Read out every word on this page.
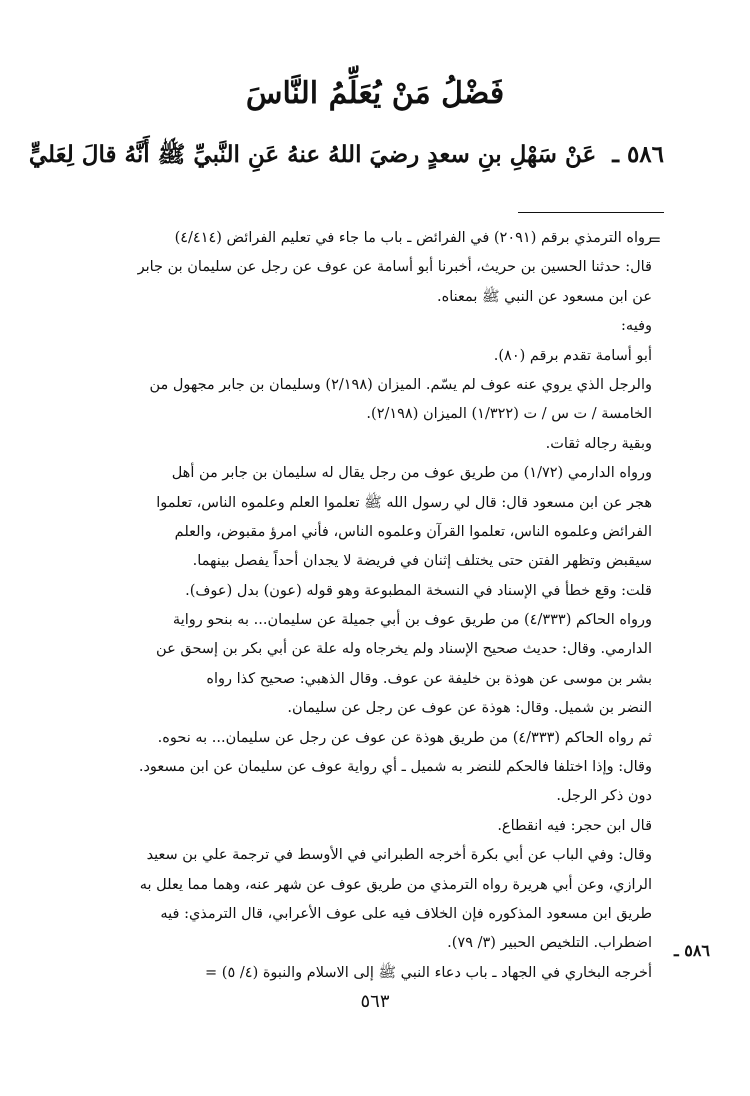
فَضْلُ مَنْ يُعَلِّمُ النَّاسَ
٥٨٦ ـ عَنْ سَهْلِ بنِ سعدٍ رضيَ اللهُ عنهُ عَنِ النَّبيِّ ﷺ أَنَّهُ قالَ لِعَليٍّ
=
رواه الترمذي برقم (٢٠٩١) في الفرائض ـ باب ما جاء في تعليم الفرائض (٤/٤١٤)
قال: حدثنا الحسين بن حريث، أخبرنا أبو أسامة عن عوف عن رجل عن سليمان بن جابر
عن ابن مسعود عن النبي ﷺ بمعناه.
وفيه:
أبو أسامة تقدم برقم (٨٠).
والرجل الذي يروي عنه عوف لم يسّم. الميزان (٢/١٩٨) وسليمان بن جابر مجهول من
الخامسة / ت س / ت (١/٣٢٢) الميزان (٢/١٩٨).
وبقية رجاله ثقات.
ورواه الدارمي (١/٧٢) من طريق عوف من رجل يقال له سليمان بن جابر من أهل
هجر عن ابن مسعود قال: قال لي رسول الله ﷺ تعلموا العلم وعلموه الناس، تعلموا
الفرائض وعلموه الناس، تعلموا القرآن وعلموه الناس، فأني امرؤ مقبوض، والعلم
سيقبض وتظهر الفتن حتى يختلف إثنان في فريضة لا يجدان أحداً يفصل بينهما.
قلت: وقع خطأ في الإسناد في النسخة المطبوعة وهو قوله (عون) بدل (عوف).
ورواه الحاكم (٤/٣٣٣) من طريق عوف بن أبي جميلة عن سليمان... به بنحو رواية
الدارمي. وقال: حديث صحيح الإسناد ولم يخرجاه وله علة عن أبي بكر بن إسحق عن
بشر بن موسى عن هوذة بن خليفة عن عوف. وقال الذهبي: صحيح كذا رواه
النضر بن شميل. وقال: هوذة عن عوف عن رجل عن سليمان.
ثم رواه الحاكم (٤/٣٣٣) من طريق هوذة عن عوف عن رجل عن سليمان... به نحوه.
وقال: وإذا اختلفا فالحكم للنضر به شميل ـ أي رواية عوف عن سليمان عن ابن مسعود.
دون ذكر الرجل.
قال ابن حجر: فيه انقطاع.
وقال: وفي الباب عن أبي بكرة أخرجه الطبراني في الأوسط في ترجمة علي بن سعيد
الرازي، وعن أبي هريرة رواه الترمذي من طريق عوف عن شهر عنه، وهما مما يعلل به
طريق ابن مسعود المذكوره فإن الخلاف فيه على عوف الأعرابي، قال الترمذي: فيه
اضطراب. التلخيص الحبير (٣/ ٧٩).
أخرجه البخاري في الجهاد ـ باب دعاء النبي ﷺ إلى الاسلام والنبوة (٤/ ٥) =
٥٨٦ ـ
٥٦٣
